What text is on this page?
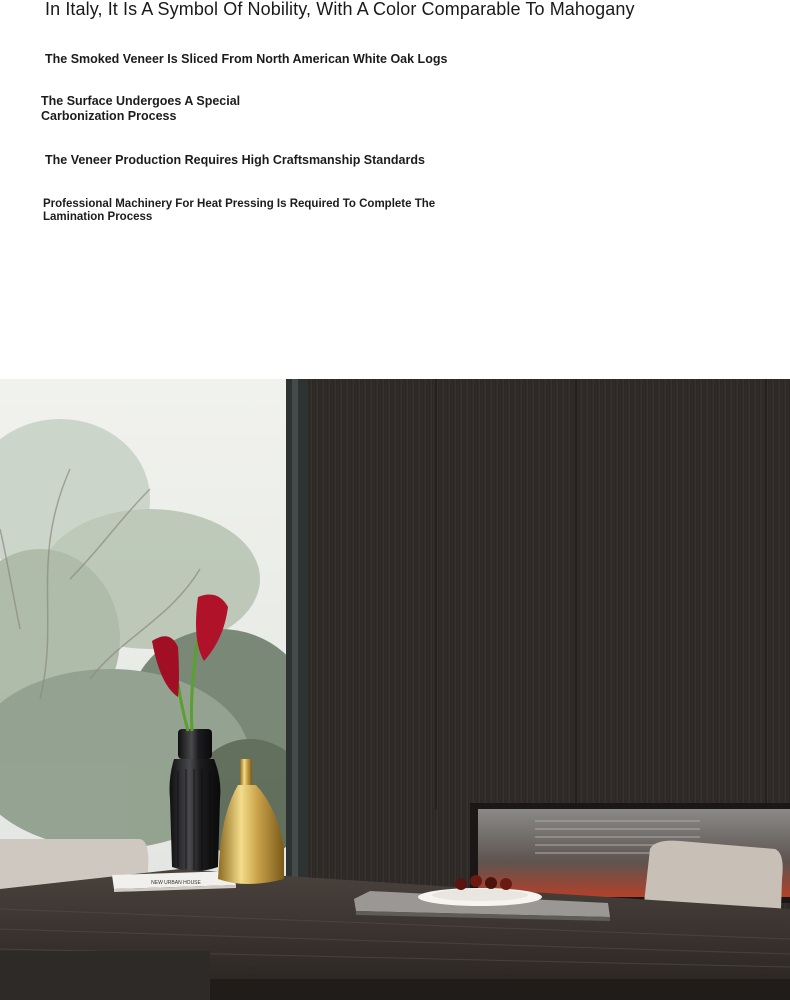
In Italy, It Is A Symbol Of Nobility, With A Color Comparable To Mahogany

The Smoked Veneer Is Sliced From North American White Oak Logs

The Surface Undergoes A Special Carbonization Process

The Veneer Production Requires High Craftsmanship Standards

Professional Machinery For Heat Pressing Is Required To Complete The Lamination Process

NEW URBAN HOUSE
